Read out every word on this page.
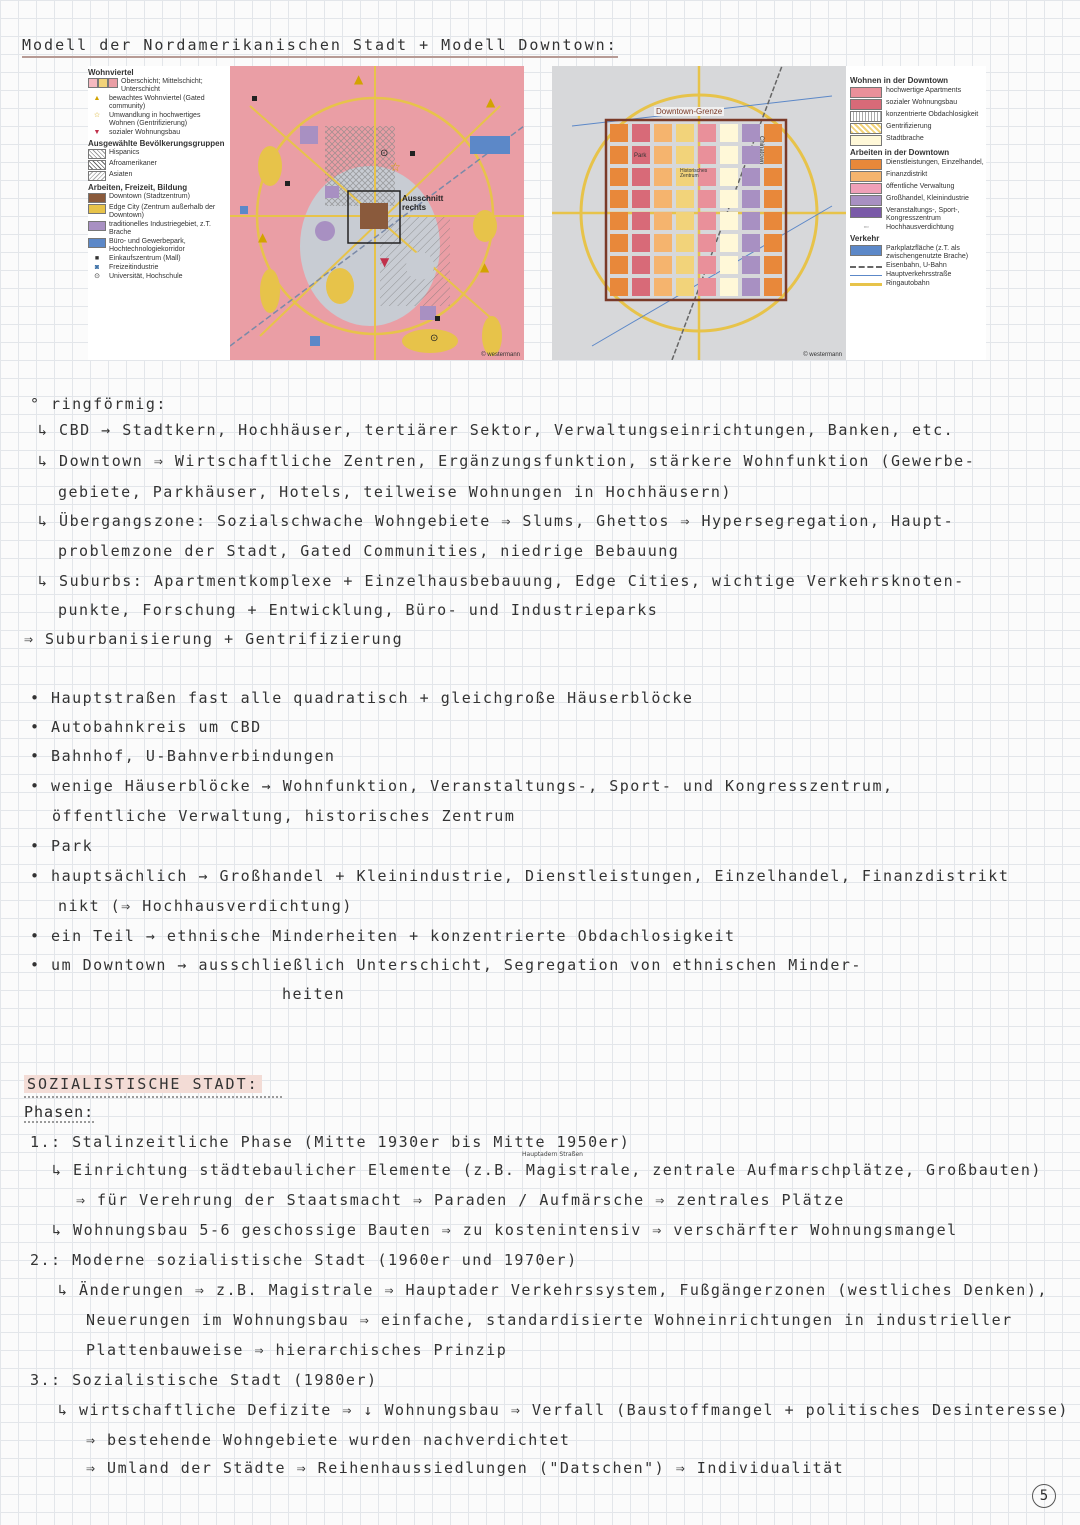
Modell der Nordamerikanischen Stadt + Modell Downtown:
Wohnviertel
Oberschicht; Mittelschicht; Unterschicht
▲	bewachtes Wohnviertel (Gated community)
☆	Umwandlung in hochwertiges Wohnen (Gentrifizierung)
▼	sozialer Wohnungsbau
Ausgewählte Bevölkerungsgruppen
Hispanics
Afroamerikaner
Asiaten
Arbeiten, Freizeit, Bildung
Downtown (Stadtzentrum)
Edge City (Zentrum außerhalb der Downtown)
traditionelles Industriegebiet, z.T. Brache
Büro- und Gewerbepark, Hochtechnologiekorridor
■	Einkaufszentrum (Mall)
◙	Freizeitindustrie
⊙	Universität, Hochschule
▲
▲
▲
▲
☆
▼
⊙
⊙
Ausschnitt rechts
© westermann
Downtown-Grenze
Park
Historisches Zentrum
Chinatown
© westermann
Wohnen in der Downtown
hochwertige Apartments
sozialer Wohnungsbau
konzentrierte Obdachlosigkeit
Gentrifizierung
Stadtbrache
Arbeiten in der Downtown
Dienstleistungen, Einzelhandel,
Finanzdistrikt
öffentliche Verwaltung
Großhandel, Kleinindustrie
Veranstaltungs-, Sport-, Kongresszentrum
▫▫	Hochhausverdichtung
Verkehr
Parkplatzfläche (z.T. als zwischengenutzte Brache)
Eisenbahn, U-Bahn
Hauptverkehrsstraße
Ringautobahn
° ringförmig:
↳ CBD → Stadtkern, Hochhäuser, tertiärer Sektor, Verwaltungseinrichtungen, Banken, etc.
↳ Downtown ⇒ Wirtschaftliche Zentren, Ergänzungsfunktion, stärkere Wohnfunktion (Gewerbe-
gebiete, Parkhäuser, Hotels, teilweise Wohnungen in Hochhäusern)
↳ Übergangszone: Sozialschwache Wohngebiete ⇒ Slums, Ghettos ⇒ Hypersegregation, Haupt-
problemzone der Stadt, Gated Communities, niedrige Bebauung
↳ Suburbs: Apartmentkomplexe + Einzelhausbebauung, Edge Cities, wichtige Verkehrsknoten-
punkte, Forschung + Entwicklung, Büro- und Industrieparks
⇒ Suburbanisierung + Gentrifizierung
• Hauptstraßen fast alle quadratisch + gleichgroße Häuserblöcke
• Autobahnkreis um CBD
• Bahnhof, U-Bahnverbindungen
• wenige Häuserblöcke → Wohnfunktion, Veranstaltungs-, Sport- und Kongresszentrum,
öffentliche Verwaltung, historisches Zentrum
• Park
• hauptsächlich → Großhandel + Kleinindustrie, Dienstleistungen, Einzelhandel, Finanzdistrikt
nikt (⇒ Hochhausverdichtung)
• ein Teil → ethnische Minderheiten + konzentrierte Obdachlosigkeit
• um Downtown → ausschließlich Unterschicht, Segregation von ethnischen Minder-
heiten
SOZIALISTISCHE STADT:
Phasen:
Hauptadern Straßen
1.: Stalinzeitliche Phase (Mitte 1930er bis Mitte 1950er)
↳ Einrichtung städtebaulicher Elemente (z.B. Magistrale, zentrale Aufmarschplätze, Großbauten)
⇒ für Verehrung der Staatsmacht ⇒ Paraden / Aufmärsche ⇒ zentrales Plätze
↳ Wohnungsbau 5-6 geschossige Bauten ⇒ zu kostenintensiv ⇒ verschärfter Wohnungsmangel
2.: Moderne sozialistische Stadt (1960er und 1970er)
↳ Änderungen ⇒ z.B. Magistrale ⇒ Hauptader Verkehrssystem, Fußgängerzonen (westliches Denken),
Neuerungen im Wohnungsbau ⇒ einfache, standardisierte Wohneinrichtungen in industrieller
Plattenbauweise ⇒ hierarchisches Prinzip
3.: Sozialistische Stadt (1980er)
↳ wirtschaftliche Defizite ⇒ ↓ Wohnungsbau ⇒ Verfall (Baustoffmangel + politisches Desinteresse)
⇒ bestehende Wohngebiete wurden nachverdichtet
⇒ Umland der Städte ⇒ Reihenhaussiedlungen ("Datschen") ⇒ Individualität
5
